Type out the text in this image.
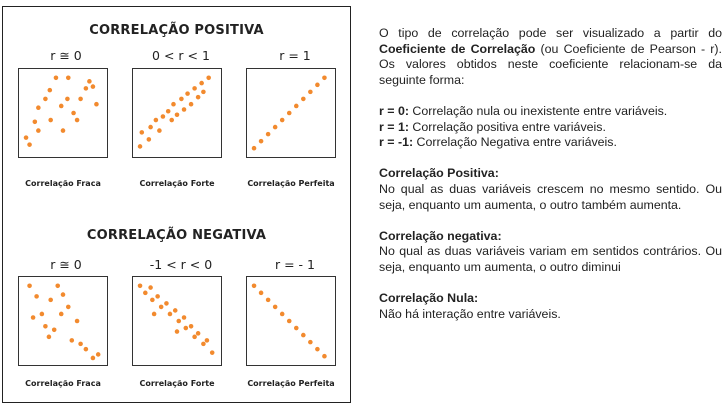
CORRELAÇÃO POSITIVA
r ≅ 0	0 < r < 1	r = 1
Correlação Fraca	Correlação Forte	Correlação Perfeita
CORRELAÇÃO NEGATIVA
r ≅ 0	-1 < r < 0	r = - 1
Correlação Fraca	Correlação Forte	Correlação Perfeita

O tipo de correlação pode ser visualizado a partir do Coeficiente de Correlação (ou Coeficiente de Pearson - r). Os valores obtidos neste coeficiente relacionam-se da seguinte forma:

r = 0: Correlação nula ou inexistente entre variáveis.

r = 1: Correlação positiva entre variáveis.

r = -1: Correlação Negativa entre variáveis.

Correlação Positiva:

No qual as duas variáveis crescem no mesmo sentido. Ou seja, enquanto um aumenta, o outro também aumenta.

Correlação negativa:

No qual as duas variáveis variam em sentidos contrários. Ou seja, enquanto um aumenta, o outro diminui

Correlação Nula:

Não há interação entre variáveis.
